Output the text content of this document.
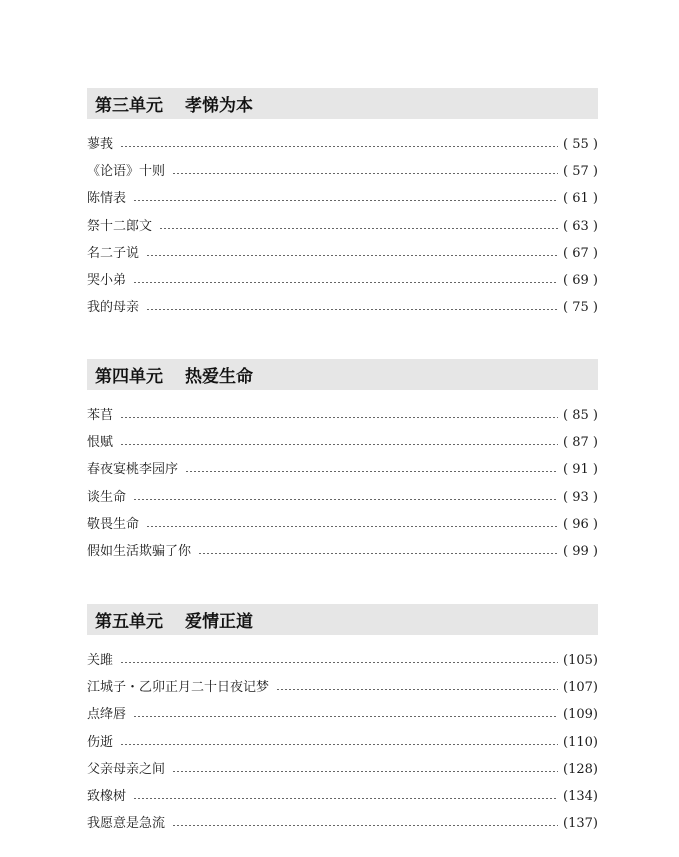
第三单元 孝悌为本
蓼莪	( 55 )
《论语》十则	( 57 )
陈情表	( 61 )
祭十二郎文	( 63 )
名二子说	( 67 )
哭小弟	( 69 )
我的母亲	( 75 )
第四单元 热爱生命
苯苢	( 85 )
恨赋	( 87 )
春夜宴桃李园序	( 91 )
谈生命	( 93 )
敬畏生命	( 96 )
假如生活欺骗了你	( 99 )
第五单元 爱情正道
关雎	(105)
江城子・乙卯正月二十日夜记梦	(107)
点绛唇	(109)
伤逝	(110)
父亲母亲之间	(128)
致橡树	(134)
我愿意是急流	(137)
